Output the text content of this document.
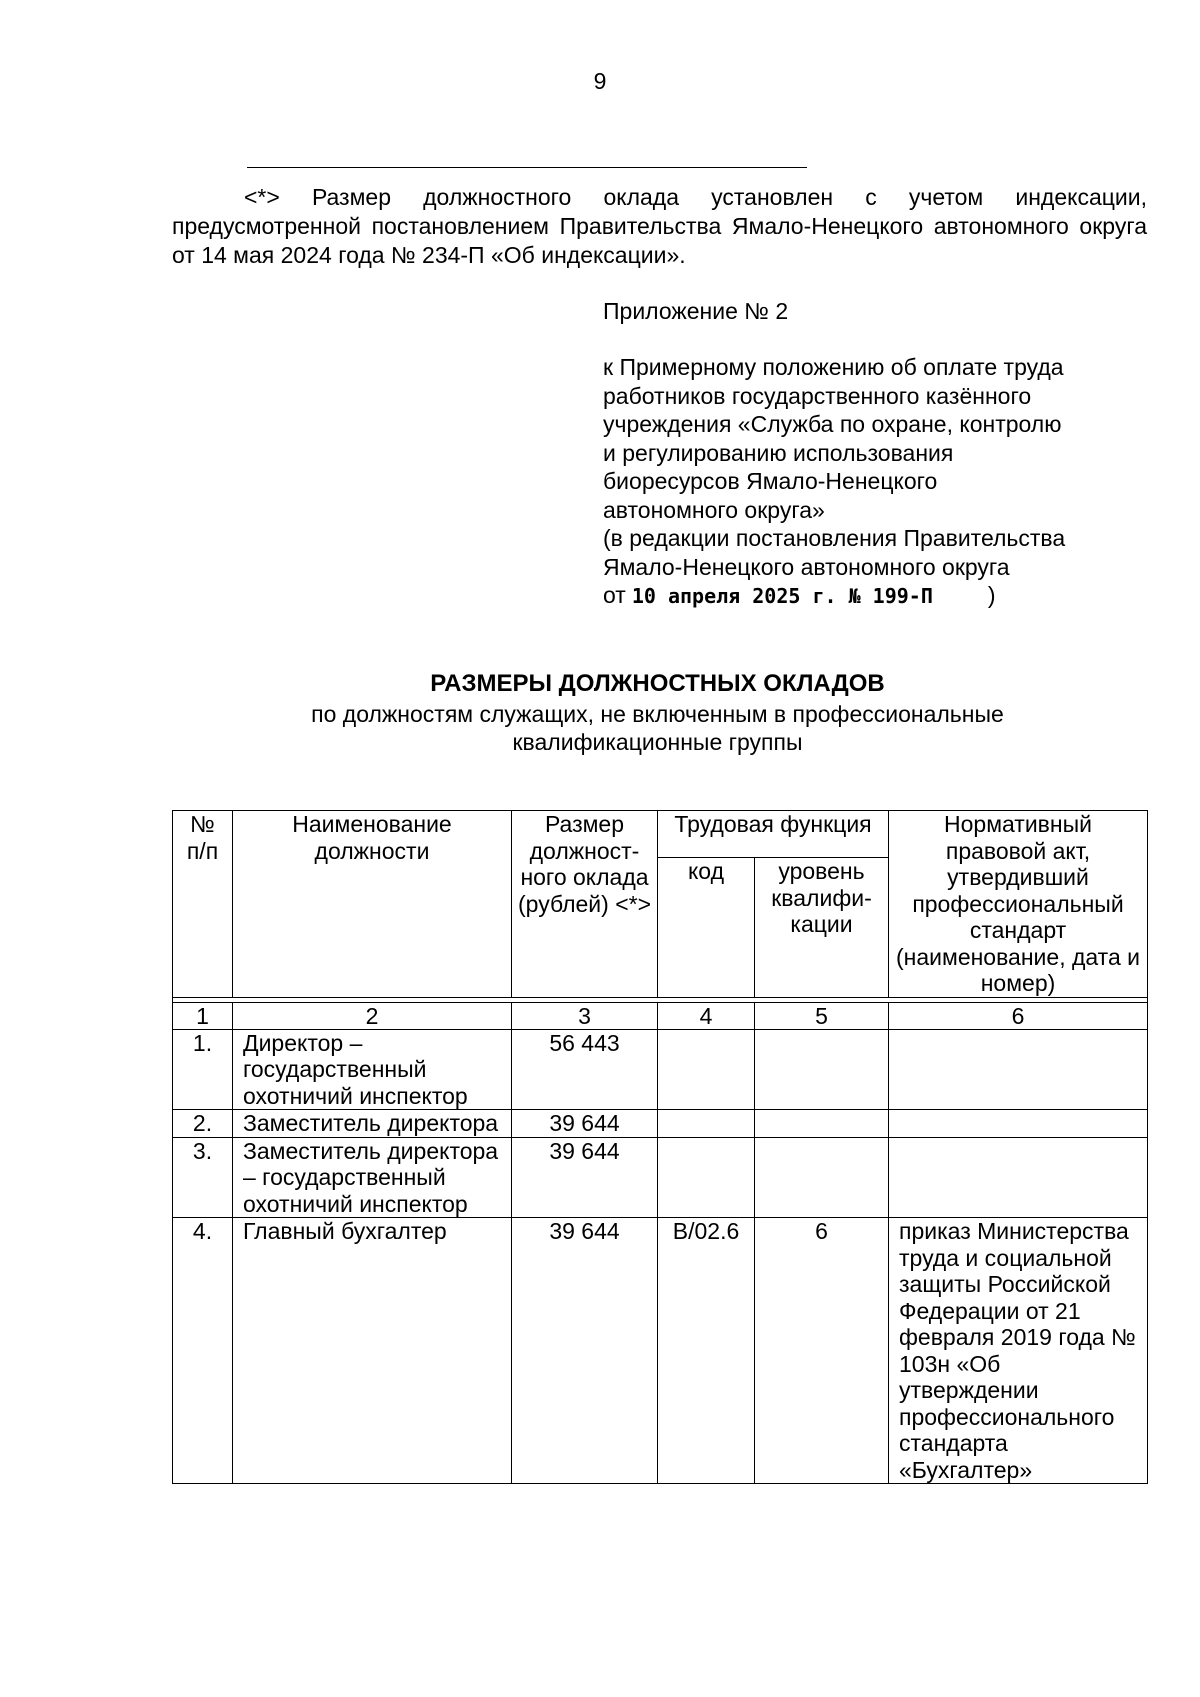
9
<*> Размер должностного оклада установлен с учетом индексации, предусмотренной постановлением Правительства Ямало-Ненецкого автономного округа от 14 мая 2024 года № 234-П «Об индексации».
Приложение № 2
к Примерному положению об оплате труда
работников государственного казённого
учреждения «Служба по охране, контролю
и регулированию использования
биоресурсов Ямало-Ненецкого
автономного округа»
(в редакции постановления Правительства
Ямало-Ненецкого автономного округа
от 10 апреля 2025 г. № 199-П )
РАЗМЕРЫ ДОЛЖНОСТНЫХ ОКЛАДОВ
по должностям служащих, не включенным в профессиональные
квалификационные группы
№ п/п	Наименование должности	Размер должност-ного оклада (рублей) <*>	Трудовая функция		Нормативный правовой акт, утвердивший профессиональный стандарт (наименование, дата и номер)
			код	уровень квалифи-кации	

1	2	3	4	5	6
1.	Директор – государственный охотничий инспектор	56 443			
2.	Заместитель директора	39 644			
3.	Заместитель директора – государственный охотничий инспектор	39 644			
4.	Главный бухгалтер	39 644	B/02.6	6	приказ Министерства труда и социальной защиты Российской Федерации от 21 февраля 2019 года № 103н «Об утверждении профессионального стандарта «Бухгалтер»
